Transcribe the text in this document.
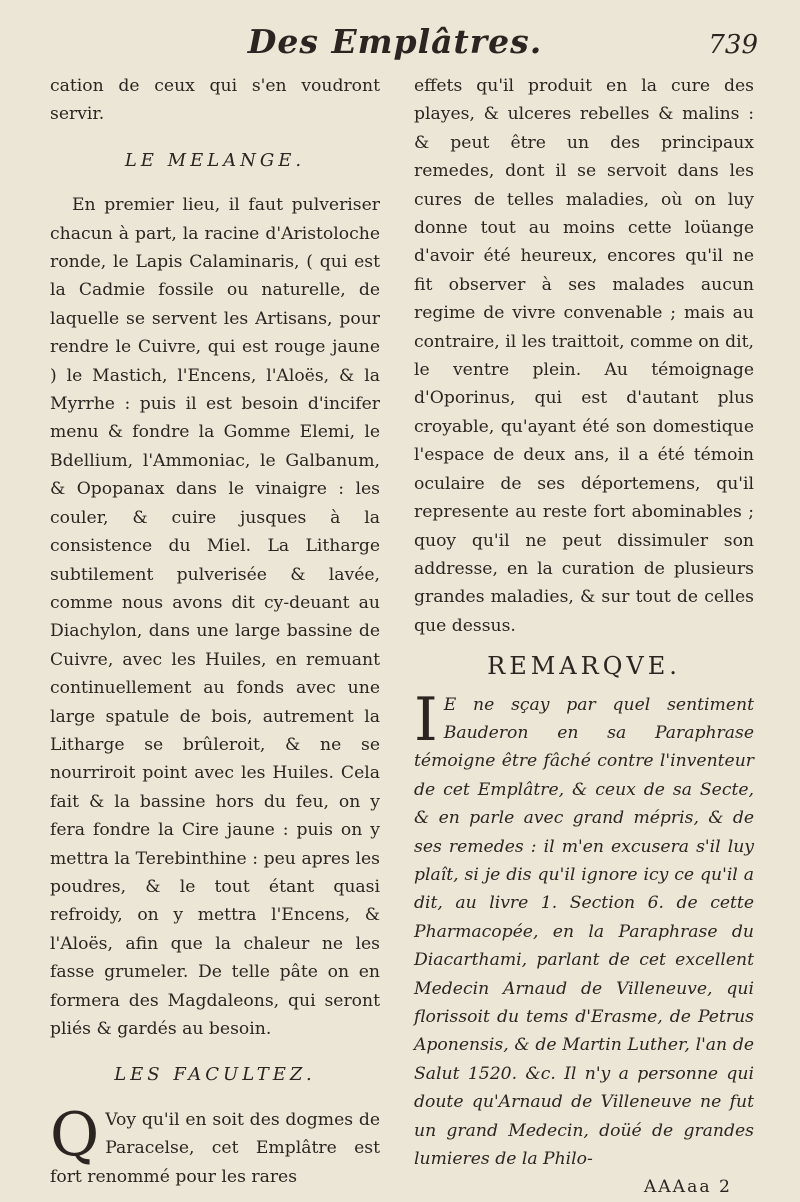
Des Emplâtres.	739

cation de ceux qui s'en voudront servir.

LE MELANGE.

En premier lieu, il faut pulveriser chacun à part, la racine d'Aristoloche ronde, le Lapis Calaminaris, ( qui est la Cadmie fossile ou naturelle, de laquelle se servent les Artisans, pour rendre le Cuivre, qui est rouge jaune ) le Mastich, l'Encens, l'Aloës, & la Myrrhe : puis il est besoin d'incifer menu & fondre la Gomme Elemi, le Bdellium, l'Ammoniac, le Galbanum, & Opopanax dans le vinaigre : les couler, & cuire jusques à la consistence du Miel. La Litharge subtilement pulverisée & lavée, comme nous avons dit cy-deuant au Diachylon, dans une large bassine de Cuivre, avec les Huiles, en remuant continuellement au fonds avec une large spatule de bois, autrement la Litharge se brûleroit, & ne se nourriroit point avec les Huiles. Cela fait & la bassine hors du feu, on y fera fondre la Cire jaune : puis on y mettra la Terebinthine : peu apres les poudres, & le tout étant quasi refroidy, on y mettra l'Encens, & l'Aloës, afin que la chaleur ne les fasse grumeler. De telle pâte on en formera des Magdaleons, qui seront pliés & gardés au besoin.

LES FACULTEZ.

Q Voy qu'il en soit des dogmes de Paracelse, cet Emplâtre est fort renommé pour les rares

effets qu'il produit en la cure des playes, & ulceres rebelles & malins : & peut être un des principaux remedes, dont il se servoit dans les cures de telles maladies, où on luy donne tout au moins cette loüange d'avoir été heureux, encores qu'il ne fit observer à ses malades aucun regime de vivre convenable ; mais au contraire, il les traittoit, comme on dit, le ventre plein. Au témoignage d'Oporinus, qui est d'autant plus croyable, qu'ayant été son domestique l'espace de deux ans, il a été témoin oculaire de ses déportemens, qu'il represente au reste fort abominables ; quoy qu'il ne peut dissimuler son addresse, en la curation de plusieurs grandes maladies, & sur tout de celles que dessus.

REMARQVE.

I E ne sçay par quel sentiment Bauderon en sa Paraphrase témoigne être fâché contre l'inventeur de cet Emplâtre, & ceux de sa Secte, & en parle avec grand mépris, & de ses remedes : il m'en excusera s'il luy plaît, si je dis qu'il ignore icy ce qu'il a dit, au livre 1. Section 6. de cette Pharmacopée, en la Paraphrase du Diacarthami, parlant de cet excellent Medecin Arnaud de Villeneuve, qui florissoit du tems d'Erasme, de Petrus Aponensis, & de Martin Luther, l'an de Salut 1520. &c. Il n'y a personne qui doute qu'Arnaud de Villeneuve ne fut un grand Medecin, doüé de grandes lumieres de la Philo-

AAAaa 2
